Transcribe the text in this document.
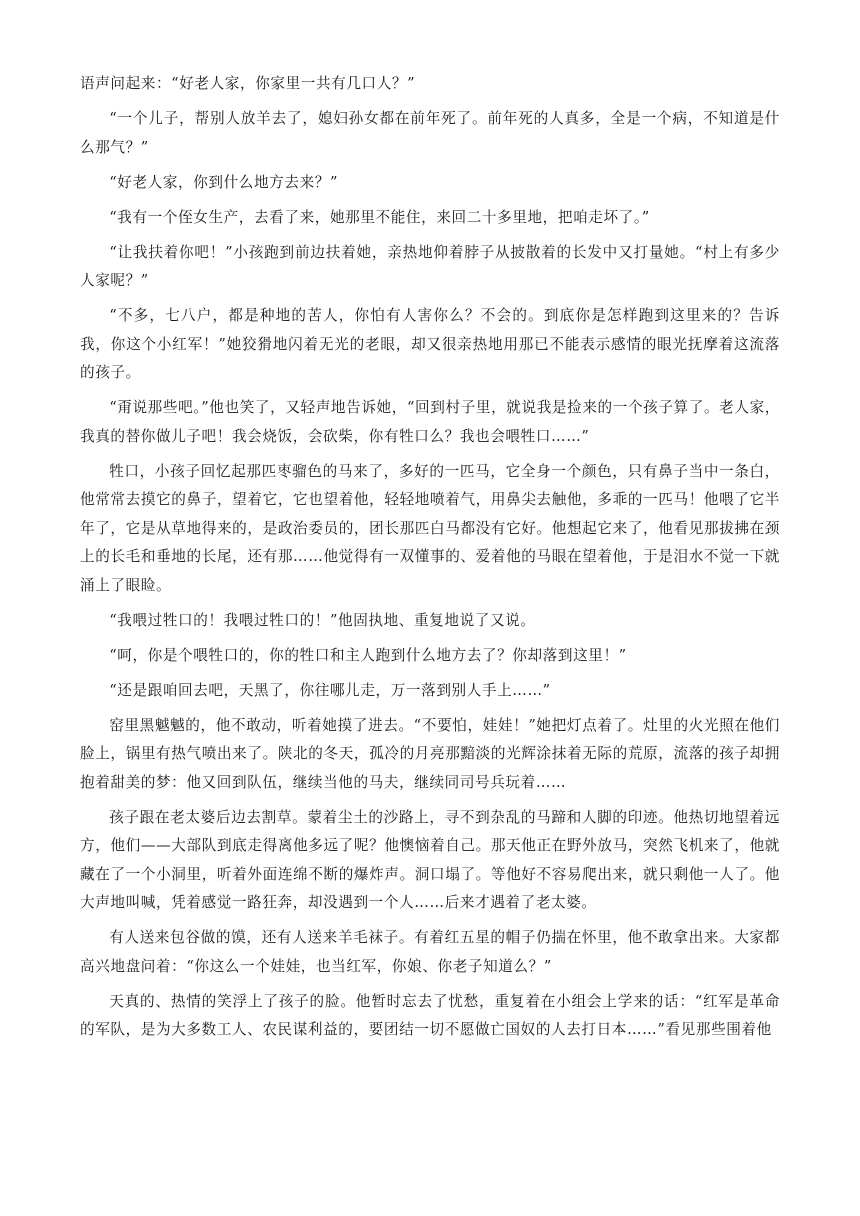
语声问起来：“好老人家，你家里一共有几口人？”

“一个儿子，帮别人放羊去了，媳妇孙女都在前年死了。前年死的人真多，全是一个病，不知道是什么那气？”

“好老人家，你到什么地方去来？”

“我有一个侄女生产，去看了来，她那里不能住，来回二十多里地，把咱走坏了。”

“让我扶着你吧！”小孩跑到前边扶着她，亲热地仰着脖子从披散着的长发中又打量她。“村上有多少人家呢？”

“不多，七八户，都是种地的苦人，你怕有人害你么？不会的。到底你是怎样跑到这里来的？告诉我，你这个小红军！”她狡猾地闪着无光的老眼，却又很亲热地用那已不能表示感情的眼光抚摩着这流落的孩子。

“甭说那些吧。”他也笑了，又轻声地告诉她，“回到村子里，就说我是捡来的一个孩子算了。老人家，我真的替你做儿子吧！我会烧饭，会砍柴，你有牲口么？我也会喂牲口……”

牲口，小孩子回忆起那匹枣骝色的马来了，多好的一匹马，它全身一个颜色，只有鼻子当中一条白，他常常去摸它的鼻子，望着它，它也望着他，轻轻地喷着气，用鼻尖去触他，多乖的一匹马！他喂了它半年了，它是从草地得来的，是政治委员的，团长那匹白马都没有它好。他想起它来了，他看见那拔拂在颈上的长毛和垂地的长尾，还有那……他觉得有一双懂事的、爱着他的马眼在望着他，于是泪水不觉一下就涌上了眼睑。

“我喂过牲口的！我喂过牲口的！”他固执地、重复地说了又说。

“呵，你是个喂牲口的，你的牲口和主人跑到什么地方去了？你却落到这里！”

“还是跟咱回去吧，天黑了，你往哪儿走，万一落到别人手上……”

窑里黑魆魆的，他不敢动，听着她摸了进去。“不要怕，娃娃！”她把灯点着了。灶里的火光照在他们脸上，锅里有热气喷出来了。陕北的冬天，孤冷的月亮那黯淡的光辉涂抹着无际的荒原，流落的孩子却拥抱着甜美的梦：他又回到队伍，继续当他的马夫，继续同司号兵玩着……

孩子跟在老太婆后边去割草。蒙着尘土的沙路上，寻不到杂乱的马蹄和人脚的印迹。他热切地望着远方，他们——大部队到底走得离他多远了呢？他懊恼着自己。那天他正在野外放马，突然飞机来了，他就藏在了一个小洞里，听着外面连绵不断的爆炸声。洞口塌了。等他好不容易爬出来，就只剩他一人了。他大声地叫喊，凭着感觉一路狂奔，却没遇到一个人……后来才遇着了老太婆。

有人送来包谷做的馍，还有人送来羊毛袜子。有着红五星的帽子仍揣在怀里，他不敢拿出来。大家都高兴地盘问着：“你这么一个娃娃，也当红军，你娘、你老子知道么？”

天真的、热情的笑浮上了孩子的脸。他暂时忘去了忧愁，重复着在小组会上学来的话：“红军是革命的军队，是为大多数工人、农民谋利益的，要团结一切不愿做亡国奴的人去打日本……”看见那些围着他
